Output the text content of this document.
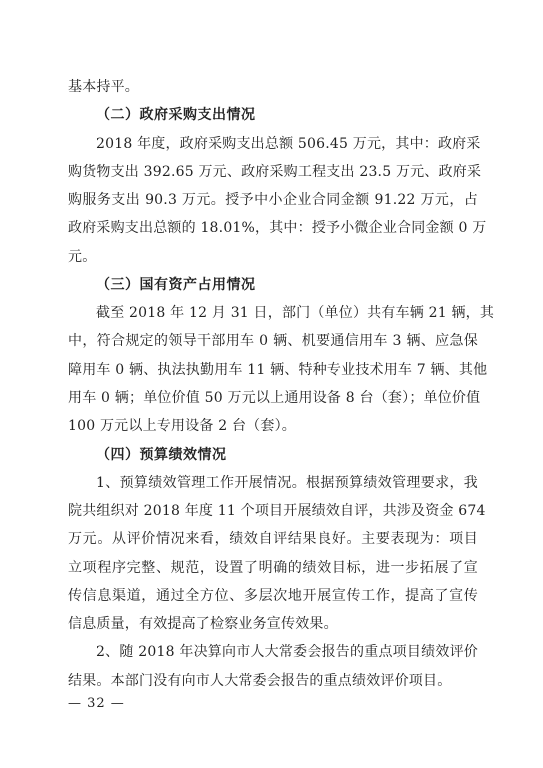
基本持平。
（二）政府采购支出情况
2018 年度，政府采购支出总额 506.45 万元，其中：政府采
购货物支出 392.65 万元、政府采购工程支出 23.5 万元、政府采
购服务支出 90.3 万元。授予中小企业合同金额 91.22 万元，占
政府采购支出总额的 18.01%，其中：授予小微企业合同金额 0 万
元。
（三）国有资产占用情况
截至 2018 年 12 月 31 日，部门（单位）共有车辆 21 辆，其
中，符合规定的领导干部用车 0 辆、机要通信用车 3 辆、应急保
障用车 0 辆、执法执勤用车 11 辆、特种专业技术用车 7 辆、其他
用车 0 辆；单位价值 50 万元以上通用设备 8 台（套）；单位价值
100 万元以上专用设备 2 台（套）。
（四）预算绩效情况
1、预算绩效管理工作开展情况。根据预算绩效管理要求，我
院共组织对 2018 年度 11 个项目开展绩效自评，共涉及资金 674
万元。从评价情况来看，绩效自评结果良好。主要表现为：项目
立项程序完整、规范，设置了明确的绩效目标，进一步拓展了宣
传信息渠道，通过全方位、多层次地开展宣传工作，提高了宣传
信息质量，有效提高了检察业务宣传效果。
2、随 2018 年决算向市人大常委会报告的重点项目绩效评价
结果。本部门没有向市人大常委会报告的重点绩效评价项目。
— 32 —
